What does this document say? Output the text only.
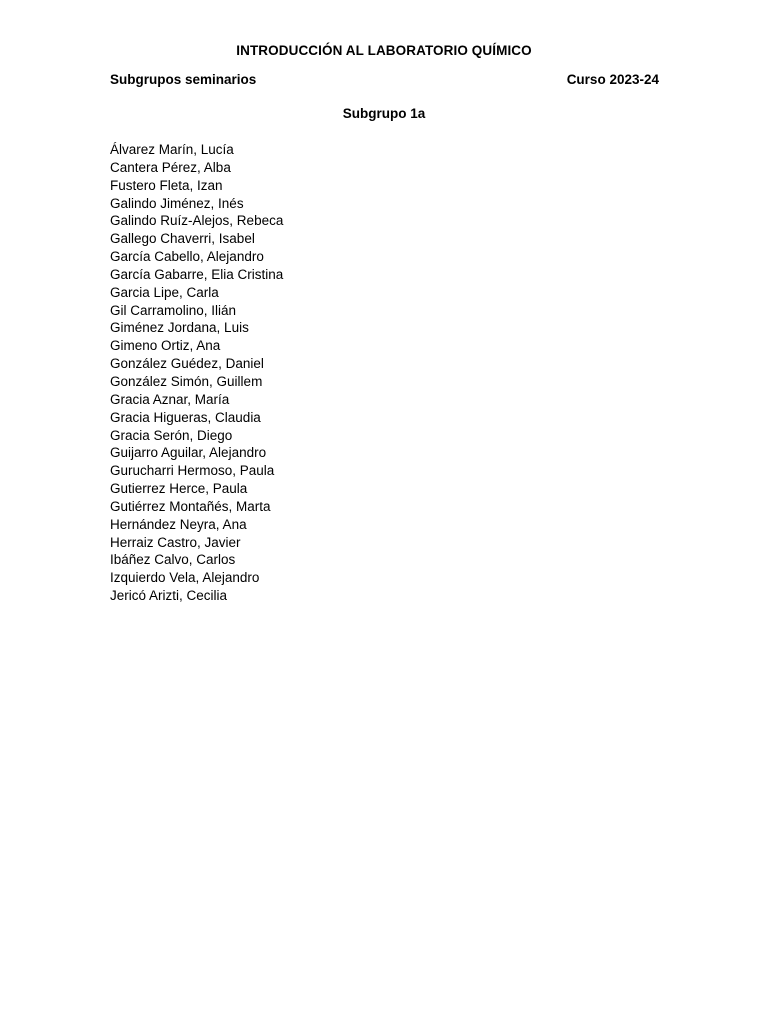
INTRODUCCIÓN AL LABORATORIO QUÍMICO
Subgrupos seminarios	Curso 2023-24
Subgrupo 1a
Álvarez Marín, Lucía
Cantera Pérez, Alba
Fustero Fleta, Izan
Galindo Jiménez, Inés
Galindo Ruíz-Alejos, Rebeca
Gallego Chaverri, Isabel
García Cabello, Alejandro
García Gabarre, Elia Cristina
Garcia Lipe, Carla
Gil Carramolino, Ilián
Giménez Jordana, Luis
Gimeno Ortiz, Ana
González Guédez, Daniel
González Simón, Guillem
Gracia Aznar, María
Gracia Higueras, Claudia
Gracia Serón, Diego
Guijarro Aguilar, Alejandro
Gurucharri Hermoso, Paula
Gutierrez Herce, Paula
Gutiérrez Montañés, Marta
Hernández Neyra, Ana
Herraiz Castro, Javier
Ibáñez Calvo, Carlos
Izquierdo Vela, Alejandro
Jericó Arizti, Cecilia
